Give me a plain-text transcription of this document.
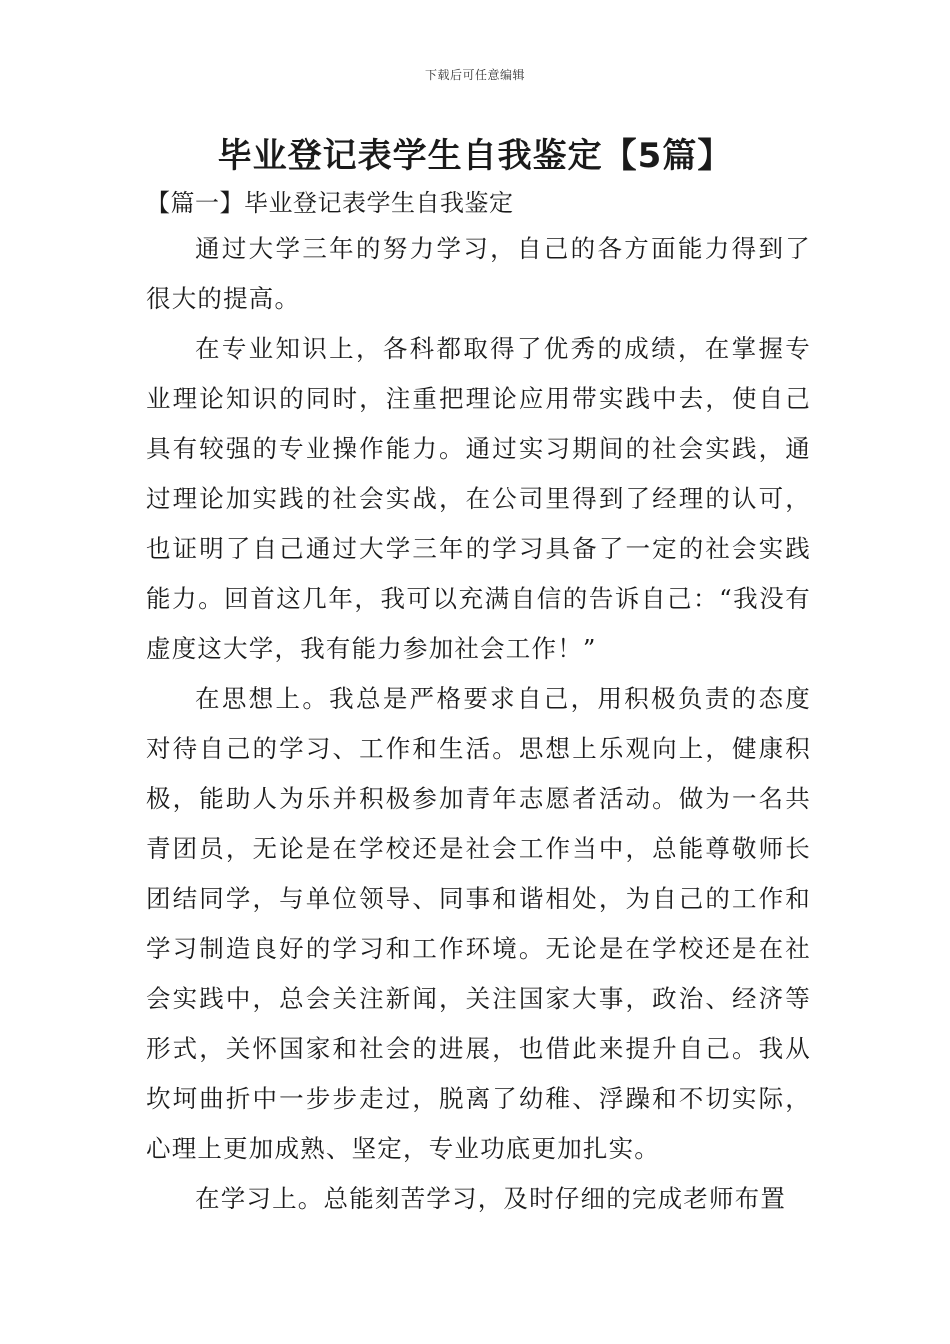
下载后可任意编辑
毕业登记表学生自我鉴定【5篇】
【篇一】毕业登记表学生自我鉴定

通过大学三年的努力学习，自己的各方面能力得到了很大的提高。

在专业知识上，各科都取得了优秀的成绩，在掌握专业理论知识的同时，注重把理论应用带实践中去，使自己具有较强的专业操作能力。通过实习期间的社会实践，通过理论加实践的社会实战，在公司里得到了经理的认可，也证明了自己通过大学三年的学习具备了一定的社会实践能力。回首这几年，我可以充满自信的告诉自己：“我没有虚度这大学，我有能力参加社会工作！”

在思想上。我总是严格要求自己，用积极负责的态度对待自己的学习、工作和生活。思想上乐观向上，健康积极，能助人为乐并积极参加青年志愿者活动。做为一名共青团员，无论是在学校还是社会工作当中，总能尊敬师长团结同学，与单位领导、同事和谐相处，为自己的工作和学习制造良好的学习和工作环境。无论是在学校还是在社会实践中，总会关注新闻，关注国家大事，政治、经济等形式，关怀国家和社会的进展，也借此来提升自己。我从坎坷曲折中一步步走过，脱离了幼稚、浮躁和不切实际，心理上更加成熟、坚定，专业功底更加扎实。

在学习上。总能刻苦学习，及时仔细的完成老师布置
